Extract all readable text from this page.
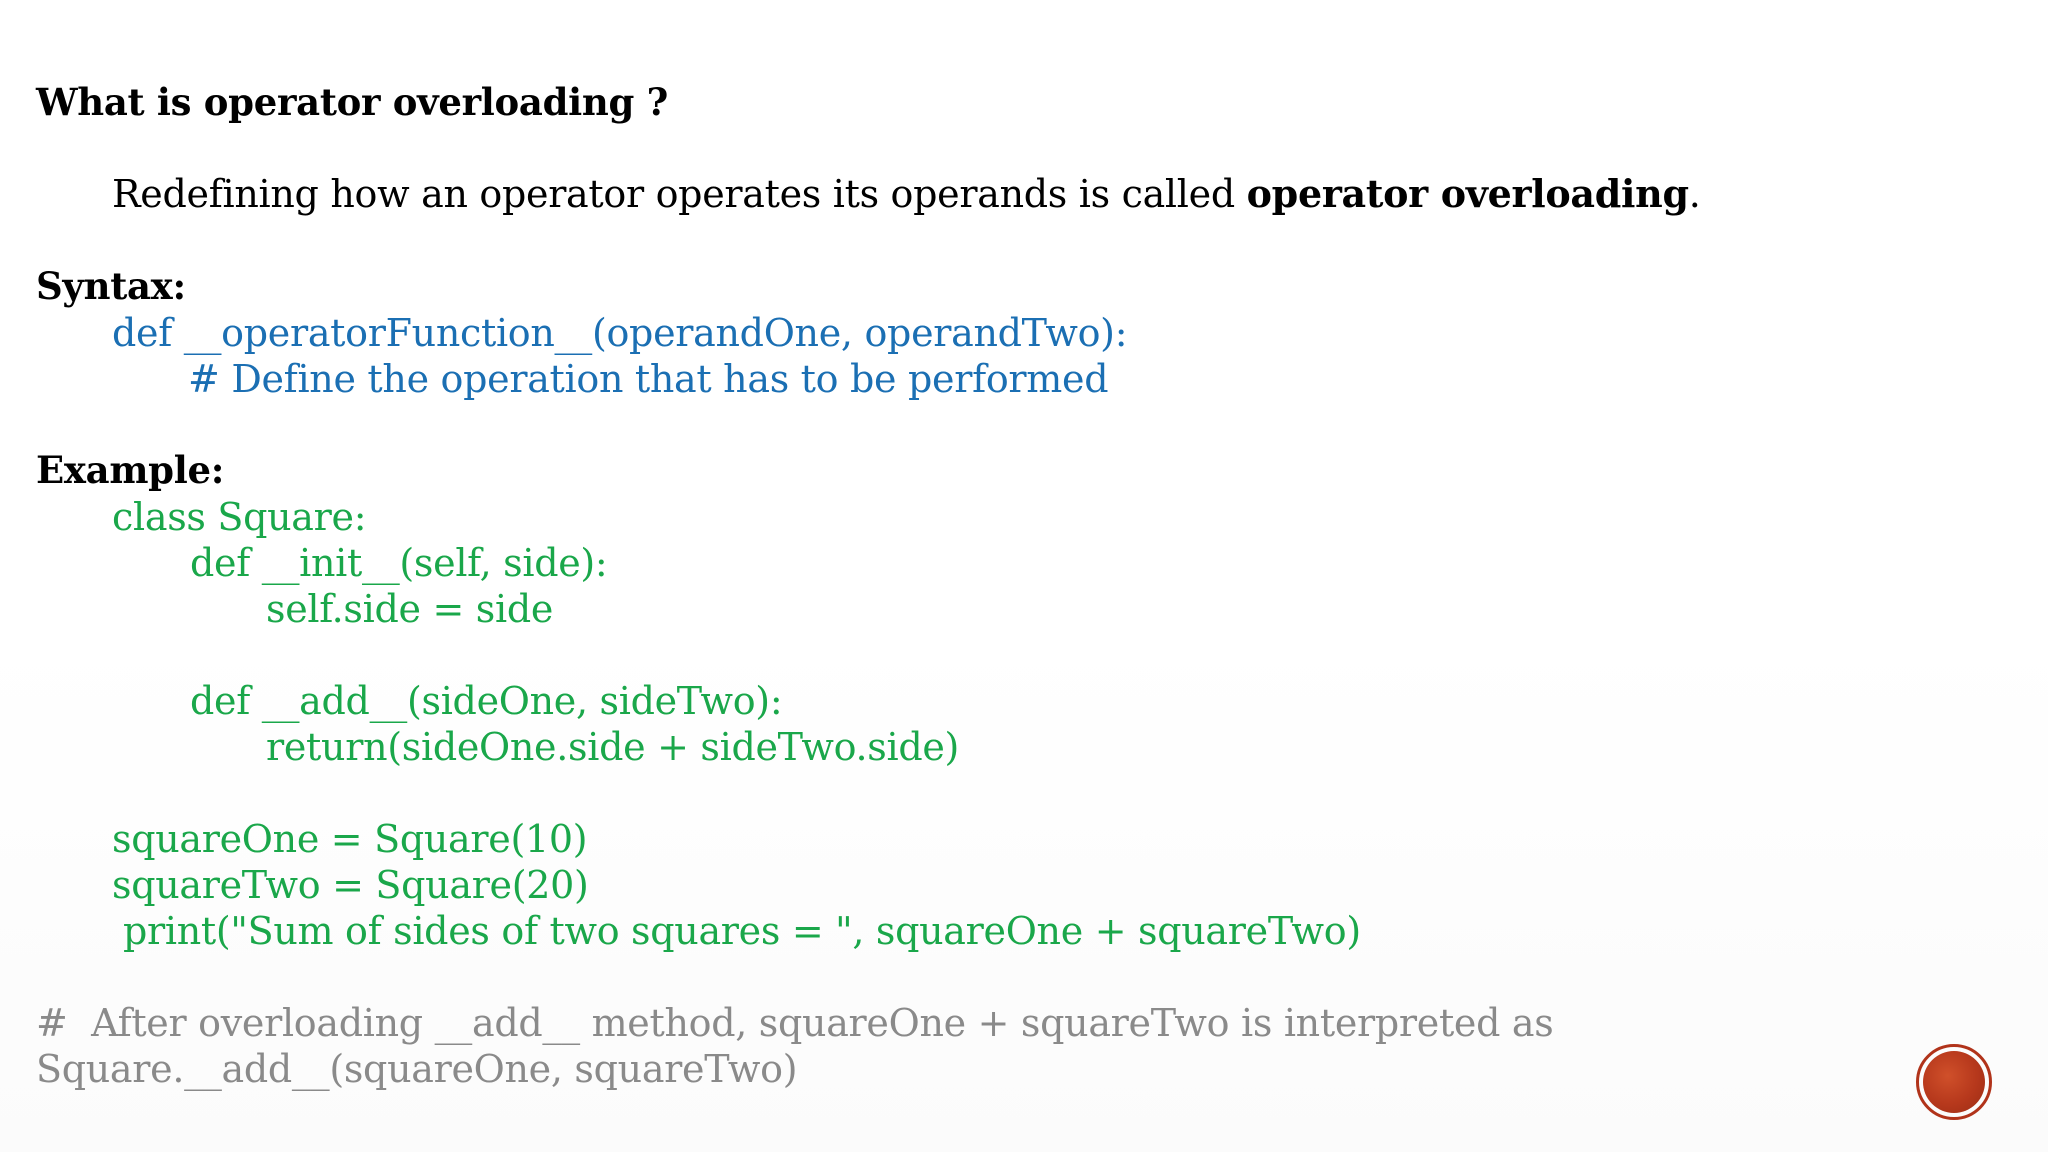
What is operator overloading ?
Redefining how an operator operates its operands is called operator overloading.
Syntax:
def __operatorFunction__(operandOne, operandTwo):
# Define the operation that has to be performed
Example:
class Square:
def __init__(self, side):
self.side = side
def __add__(sideOne, sideTwo):
return(sideOne.side + sideTwo.side)
squareOne = Square(10)
squareTwo = Square(20)
print("Sum of sides of two squares = ", squareOne + squareTwo)
#  After overloading __add__ method, squareOne + squareTwo is interpreted as
Square.__add__(squareOne, squareTwo)
